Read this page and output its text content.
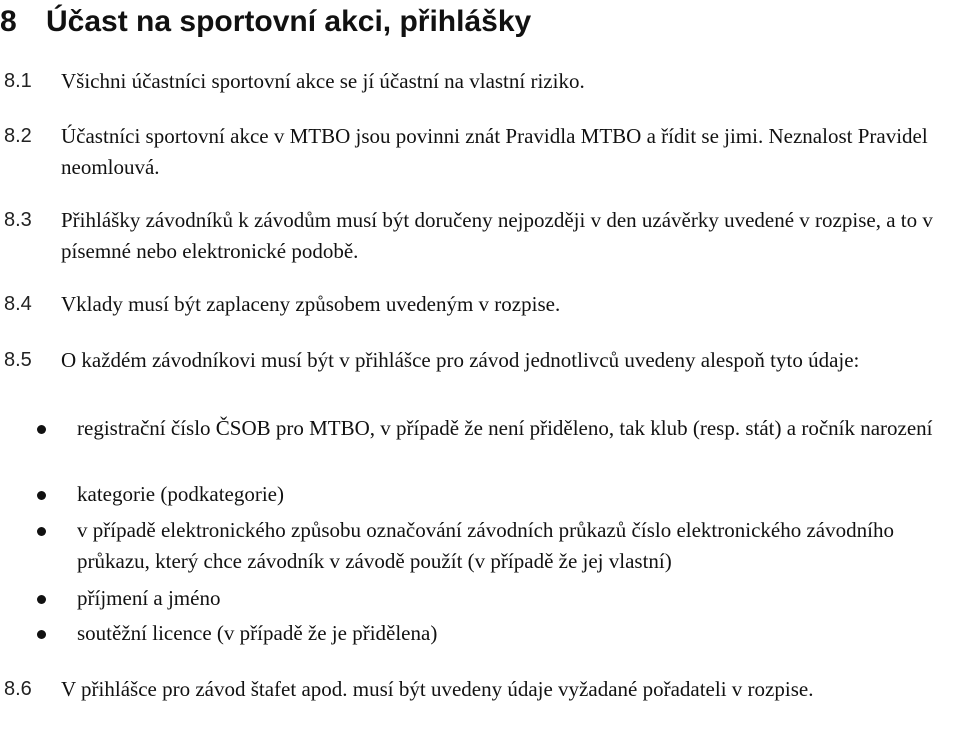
8 Účast na sportovní akci, přihlášky
8.1 Všichni účastníci sportovní akce se jí účastní na vlastní riziko.
8.2 Účastníci sportovní akce v MTBO jsou povinni znát Pravidla MTBO a řídit se jimi. Neznalost Pravidel neomlouvá.
8.3 Přihlášky závodníků k závodům musí být doručeny nejpozději v den uzávěrky uvedené v rozpise, a to v písemné nebo elektronické podobě.
8.4 Vklady musí být zaplaceny způsobem uvedeným v rozpise.
8.5 O každém závodníkovi musí být v přihlášce pro závod jednotlivců uvedeny alespoň tyto údaje:
registrační číslo ČSOB pro MTBO, v případě že není přiděleno, tak klub (resp. stát) a ročník narození
kategorie (podkategorie)
v případě elektronického způsobu označování závodních průkazů číslo elektronického závodního průkazu, který chce závodník v závodě použít (v případě že jej vlastní)
příjmení a jméno
soutěžní licence (v případě že je přidělena)
8.6 V přihlášce pro závod štafet apod. musí být uvedeny údaje vyžadané pořadateli v rozpise.
